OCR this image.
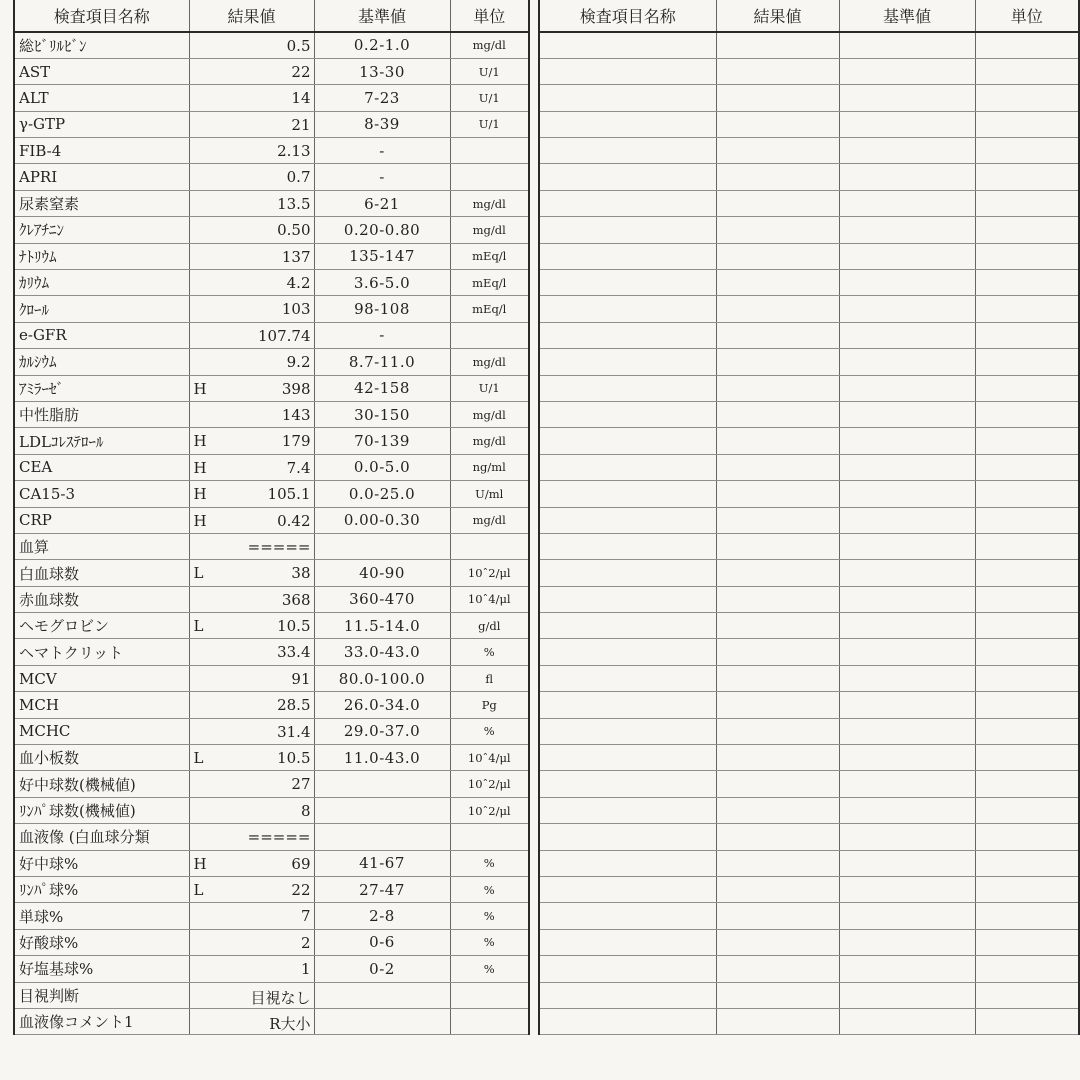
検査項目名称	結果値	基準値	単位
総ﾋﾞﾘﾙﾋﾞﾝ	0.5	0.2-1.0	mg/dl
AST	22	13-30	U/1
ALT	14	7-23	U/1
γ-GTP	21	8-39	U/1
FIB-4	2.13	-	
APRI	0.7	-	
尿素窒素	13.5	6-21	mg/dl
ｸﾚｱﾁﾆﾝ	0.50	0.20-0.80	mg/dl
ﾅﾄﾘｳﾑ	137	135-147	mEq/l
ｶﾘｳﾑ	4.2	3.6-5.0	mEq/l
ｸﾛｰﾙ	103	98-108	mEq/l
e-GFR	107.74	-	
ｶﾙｼｳﾑ	9.2	8.7-11.0	mg/dl
ｱﾐﾗｰｾﾞ	H 398	42-158	U/1
中性脂肪	143	30-150	mg/dl
LDLｺﾚｽﾃﾛｰﾙ	H 179	70-139	mg/dl
CEA	H 7.4	0.0-5.0	ng/ml
CA15-3	H 105.1	0.0-25.0	U/ml
CRP	H 0.42	0.00-0.30	mg/dl
血算	=====		

白血球数	L 38	40-90	10ˆ2/μl
赤血球数	368	360-470	10ˆ4/μl
ヘモグロビン	L 10.5	11.5-14.0	g/dl
ヘマトクリット	33.4	33.0-43.0	%
MCV	91	80.0-100.0	fl
MCH	28.5	26.0-34.0	Pg
MCHC	31.4	29.0-37.0	%
血小板数	L 10.5	11.0-43.0	10ˆ4/μl
好中球数(機械値)	27		10ˆ2/μl
ﾘﾝﾊﾟ球数(機械値)	8		10ˆ2/μl
血液像 (白血球分類	=====		

好中球%	H 69	41-67	%
ﾘﾝﾊﾟ球%	L 22	27-47	%
単球%	7	2-8	%
好酸球%	2	0-6	%
好塩基球%	1	0-2	%
目視判断	目視なし		

血液像コメント1	R大小		

検査項目名称	結果値	基準値	単位
